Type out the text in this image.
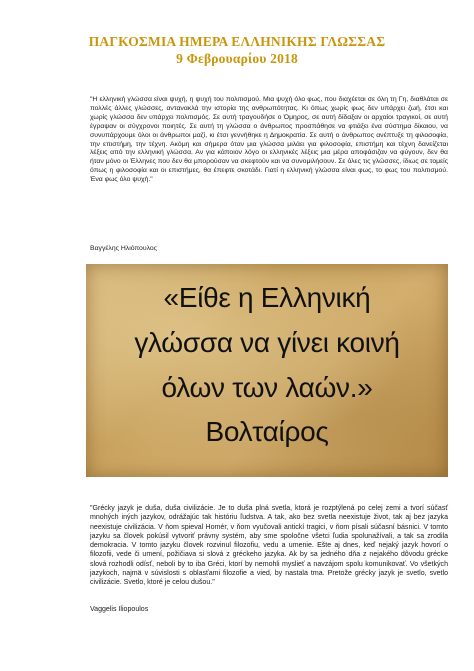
ΠΑΓΚΟΣΜΙΑ ΗΜΕΡΑ ΕΛΛΗΝΙΚΗΣ ΓΛΩΣΣΑΣ
9 Φεβρουαρίου 2018
"Η ελληνική γλώσσα είναι ψυχή, η ψυχή του πολιτισμού. Μια ψυχή όλο φως, που διαχέεται σε όλη τη Γη, διαθλάται σε πολλές άλλες γλώσσες, αντανακλά την ιστορία της ανθρωπότητας. Κι όπως χωρίς φως δεν υπάρχει ζωή, έτσι και χωρίς γλώσσα δεν υπάρχει πολιτισμός. Σε αυτή τραγουδήσε ο Όμηρος, σε αυτή δίδαξαν οι αρχαίοι τραγικοί, σε αυτή έγραψαν οι σύγχρονοι ποιητές. Σε αυτή τη γλώσσα ο άνθρωπος προσπάθησε να φτιάξει ένα σύστημα δίκαιου, να συνυπάρχουμε όλοι οι άνθρωποι μαζί, κι έτσι γεννήθηκε η Δημοκρατία. Σε αυτή ο άνθρωπος ανέπτυξε τη φιλοσοφία, την επιστήμη, την τέχνη. Ακόμη και σήμερα όταν μια γλώσσα μιλάει για φιλοσοφία, επιστήμη και τέχνη δανείζεται λέξεις από την ελληνική γλώσσα. Αν για κάποιον λόγο οι ελληνικές λέξεις μια μέρα αποφάσιζαν να φύγουν, δεν θα ήταν μόνο οι Έλληνες που δεν θα μπορούσαν να σκεφτούν και να συνομιλήσουν. Σε όλες τις γλώσσες, ίδιως σε τομείς όπως η φιλοσοφία και οι επιστήμες, θα έπεφτε σκοτάδι. Γιατί η ελληνική γλώσσα είναι φως, το φως του πολιτισμού. Ένα φως όλο ψυχή."
Βαγγέλης Ηλιόπουλος
«Είθε η Ελληνική
γλώσσα να γίνει κοινή
όλων των λαών.»
Βολταίρος
"Grécky jazyk je duša, duša civilizácie. Je to duša plná svetla, ktorá je rozptýlená po celej zemi a tvorí súčasť mnohých iných jazykov, odrážajúc tak históriu ľudstva. A tak, ako bez svetla neexistuje život, tak aj bez jazyka neexistuje civilizácia. V ňom spieval Homér, v ňom vyučovali antickí tragici, v ňom písali súčasní básnici. V tomto jazyku sa človek pokúsil vytvoriť právny systém, aby sme spoločne všetci ľudia spolunažívali, a tak sa zrodila demokracia. V tomto jazyku človek rozvinul filozofiu, vedu a umenie. Ešte aj dnes, keď nejaký jazyk hovorí o filozofii, vede či umení, požičiava si slová z gréckeho jazyka. Ak by sa jedného dňa z nejakého dôvodu grécke slová rozhodli odísť, neboli by to iba Gréci, ktorí by nemohli myslieť a navzájom spolu komunikovať. Vo všetkých jazykoch, najmä v súvislosti s oblasťami filozofie a vied, by nastala tma. Pretože grécky jazyk je svetlo, svetlo civilizácie. Svetlo, ktoré je celou dušou."
Vaggelis Iliopoulos
